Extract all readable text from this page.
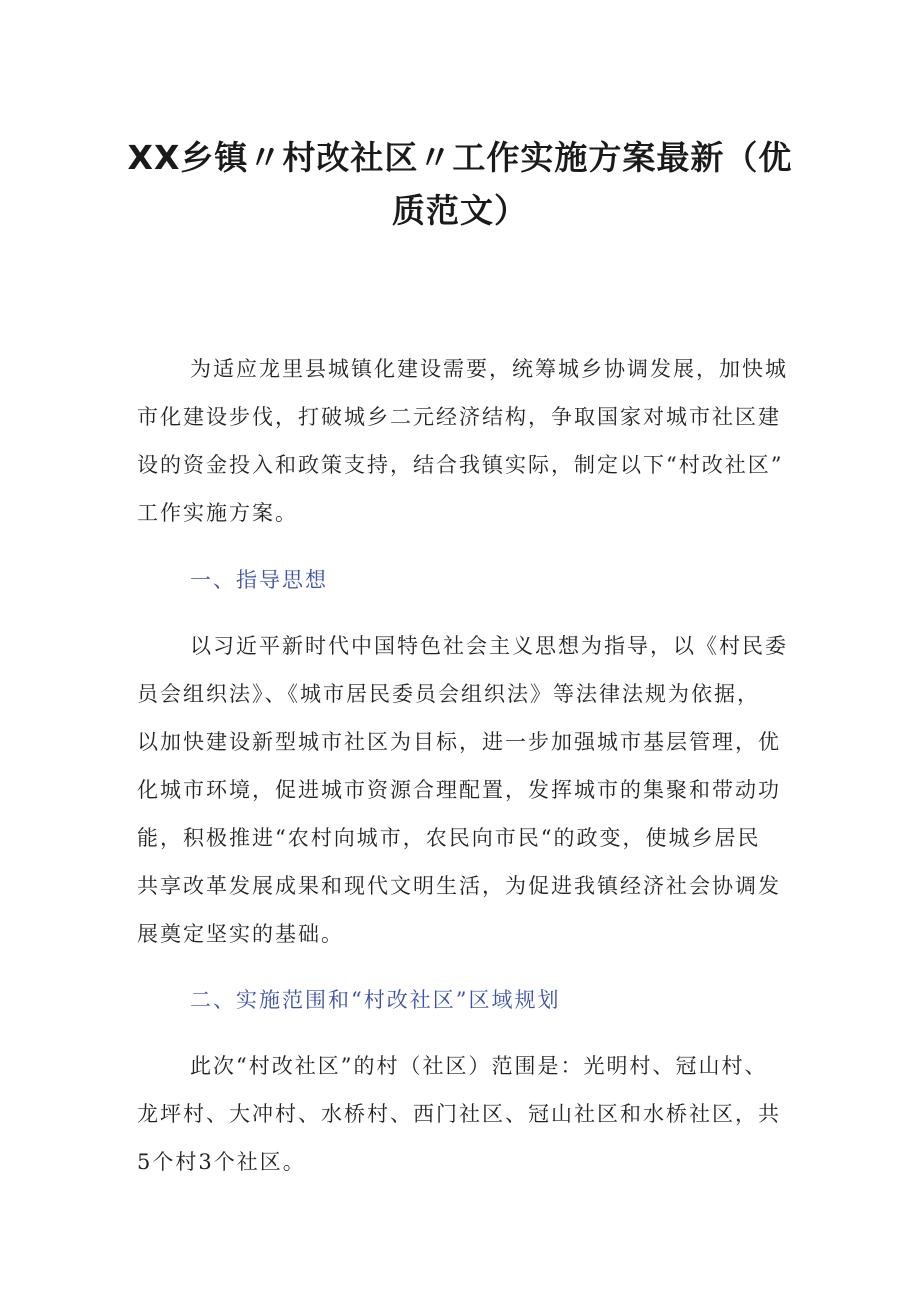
XX乡镇〃村改社区〃工作实施方案最新（优
质范文）
为适应龙里县城镇化建设需要，统筹城乡协调发展，加快城
市化建设步伐，打破城乡二元经济结构，争取国家对城市社区建
设的资金投入和政策支持，结合我镇实际，制定以下“村改社区”
工作实施方案。
一、指导思想
以习近平新时代中国特色社会主义思想为指导，以《村民委
员会组织法》、《城市居民委员会组织法》等法律法规为依据，
以加快建设新型城市社区为目标，进一步加强城市基层管理，优
化城市环境，促进城市资源合理配置，发挥城市的集聚和带动功
能，积极推进“农村向城市，农民向市民“的政变，使城乡居民
共享改革发展成果和现代文明生活，为促进我镇经济社会协调发
展奠定坚实的基础。
二、实施范围和“村改社区”区域规划
此次“村改社区”的村（社区）范围是：光明村、冠山村、
龙坪村、大冲村、水桥村、西门社区、冠山社区和水桥社区，共
5个村3个社区。
